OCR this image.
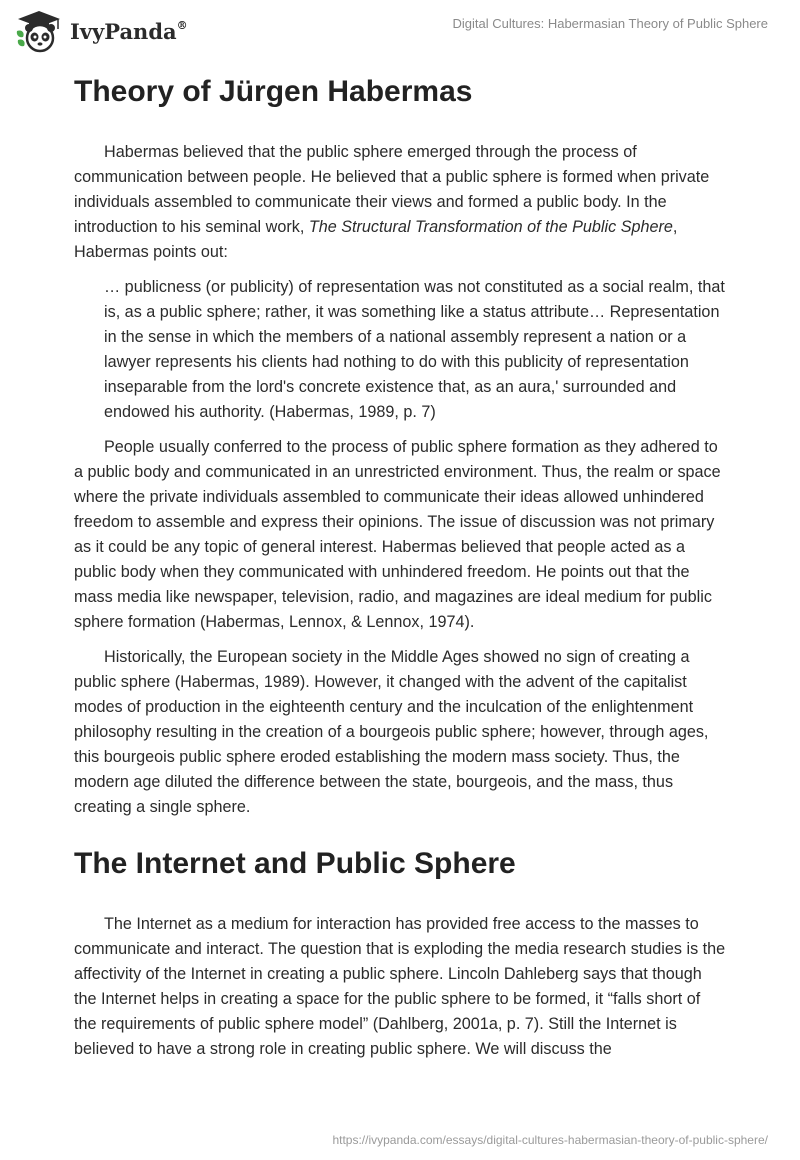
IvyPanda®	Digital Cultures: Habermasian Theory of Public Sphere
Theory of Jürgen Habermas

Habermas believed that the public sphere emerged through the process of communication between people. He believed that a public sphere is formed when private individuals assembled to communicate their views and formed a public body. In the introduction to his seminal work, The Structural Transformation of the Public Sphere, Habermas points out:

… publicness (or publicity) of representation was not constituted as a social realm, that is, as a public sphere; rather, it was something like a status attribute… Representation in the sense in which the members of a national assembly represent a nation or a lawyer represents his clients had nothing to do with this publicity of representation inseparable from the lord's concrete existence that, as an aura,' surrounded and endowed his authority. (Habermas, 1989, p. 7)

People usually conferred to the process of public sphere formation as they adhered to a public body and communicated in an unrestricted environment. Thus, the realm or space where the private individuals assembled to communicate their ideas allowed unhindered freedom to assemble and express their opinions. The issue of discussion was not primary as it could be any topic of general interest. Habermas believed that people acted as a public body when they communicated with unhindered freedom. He points out that the mass media like newspaper, television, radio, and magazines are ideal medium for public sphere formation (Habermas, Lennox, & Lennox, 1974).

Historically, the European society in the Middle Ages showed no sign of creating a public sphere (Habermas, 1989). However, it changed with the advent of the capitalist modes of production in the eighteenth century and the inculcation of the enlightenment philosophy resulting in the creation of a bourgeois public sphere; however, through ages, this bourgeois public sphere eroded establishing the modern mass society. Thus, the modern age diluted the difference between the state, bourgeois, and the mass, thus creating a single sphere.

The Internet and Public Sphere

The Internet as a medium for interaction has provided free access to the masses to communicate and interact. The question that is exploding the media research studies is the affectivity of the Internet in creating a public sphere. Lincoln Dahleberg says that though the Internet helps in creating a space for the public sphere to be formed, it “falls short of the requirements of public sphere model” (Dahlberg, 2001a, p. 7). Still the Internet is believed to have a strong role in creating public sphere. We will discuss the

https://ivypanda.com/essays/digital-cultures-habermasian-theory-of-public-sphere/
